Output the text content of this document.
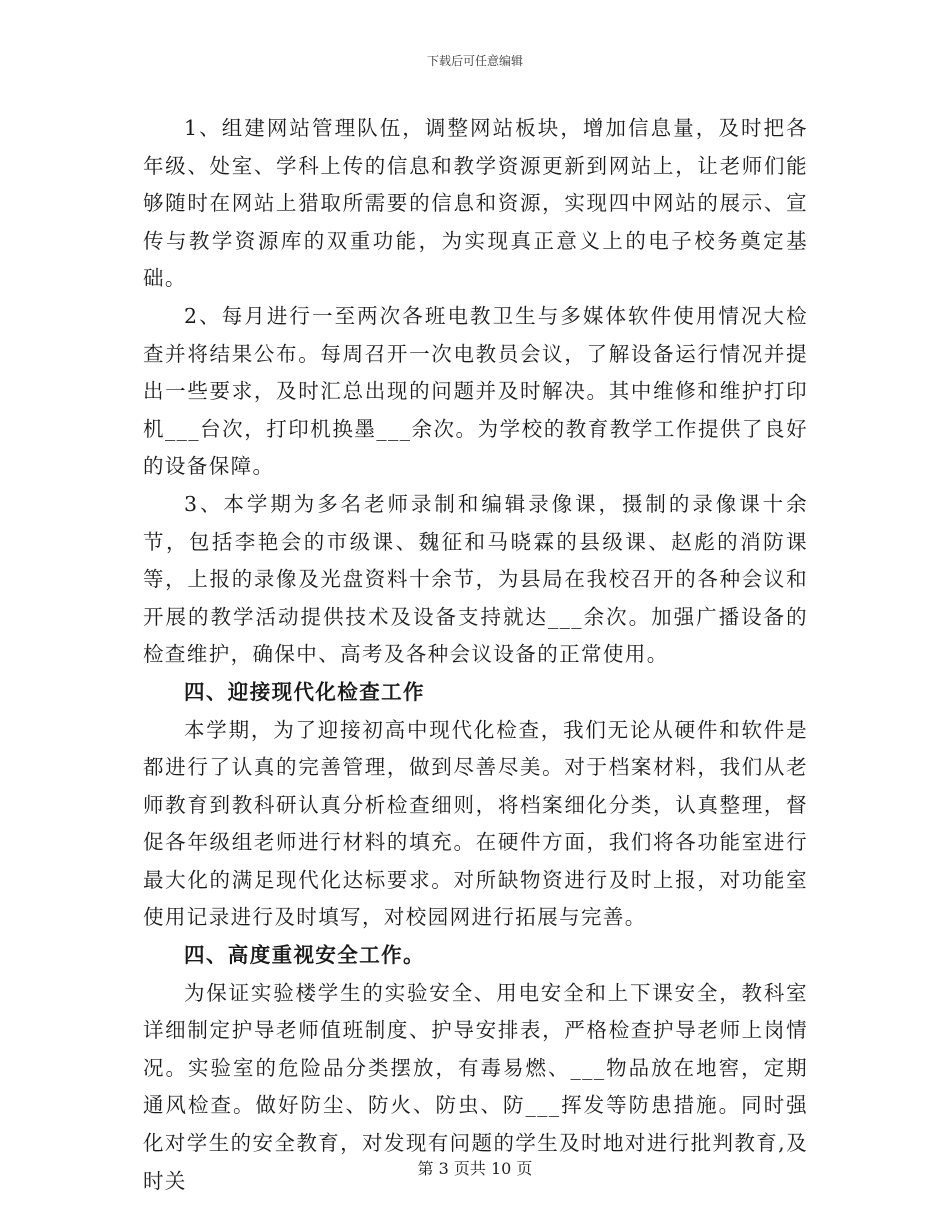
下载后可任意编辑

1、组建网站管理队伍，调整网站板块，增加信息量，及时把各年级、处室、学科上传的信息和教学资源更新到网站上，让老师们能够随时在网站上猎取所需要的信息和资源，实现四中网站的展示、宣传与教学资源库的双重功能，为实现真正意义上的电子校务奠定基础。

2、每月进行一至两次各班电教卫生与多媒体软件使用情况大检查并将结果公布。每周召开一次电教员会议，了解设备运行情况并提出一些要求，及时汇总出现的问题并及时解决。其中维修和维护打印机___台次，打印机换墨___余次。为学校的教育教学工作提供了良好的设备保障。

3、本学期为多名老师录制和编辑录像课，摄制的录像课十余节，包括李艳会的市级课、魏征和马晓霖的县级课、赵彪的消防课等，上报的录像及光盘资料十余节，为县局在我校召开的各种会议和开展的教学活动提供技术及设备支持就达___余次。加强广播设备的检查维护，确保中、高考及各种会议设备的正常使用。

四、迎接现代化检查工作

本学期，为了迎接初高中现代化检查，我们无论从硬件和软件是都进行了认真的完善管理，做到尽善尽美。对于档案材料，我们从老师教育到教科研认真分析检查细则，将档案细化分类，认真整理，督促各年级组老师进行材料的填充。在硬件方面，我们将各功能室进行最大化的满足现代化达标要求。对所缺物资进行及时上报，对功能室使用记录进行及时填写，对校园网进行拓展与完善。

四、高度重视安全工作。

为保证实验楼学生的实验安全、用电安全和上下课安全，教科室详细制定护导老师值班制度、护导安排表，严格检查护导老师上岗情况。实验室的危险品分类摆放，有毒易燃、___物品放在地窖，定期通风检查。做好防尘、防火、防虫、防___挥发等防患措施。同时强化对学生的安全教育，对发现有问题的学生及时地对进行批判教育,及时关

第 3 页共 10 页
